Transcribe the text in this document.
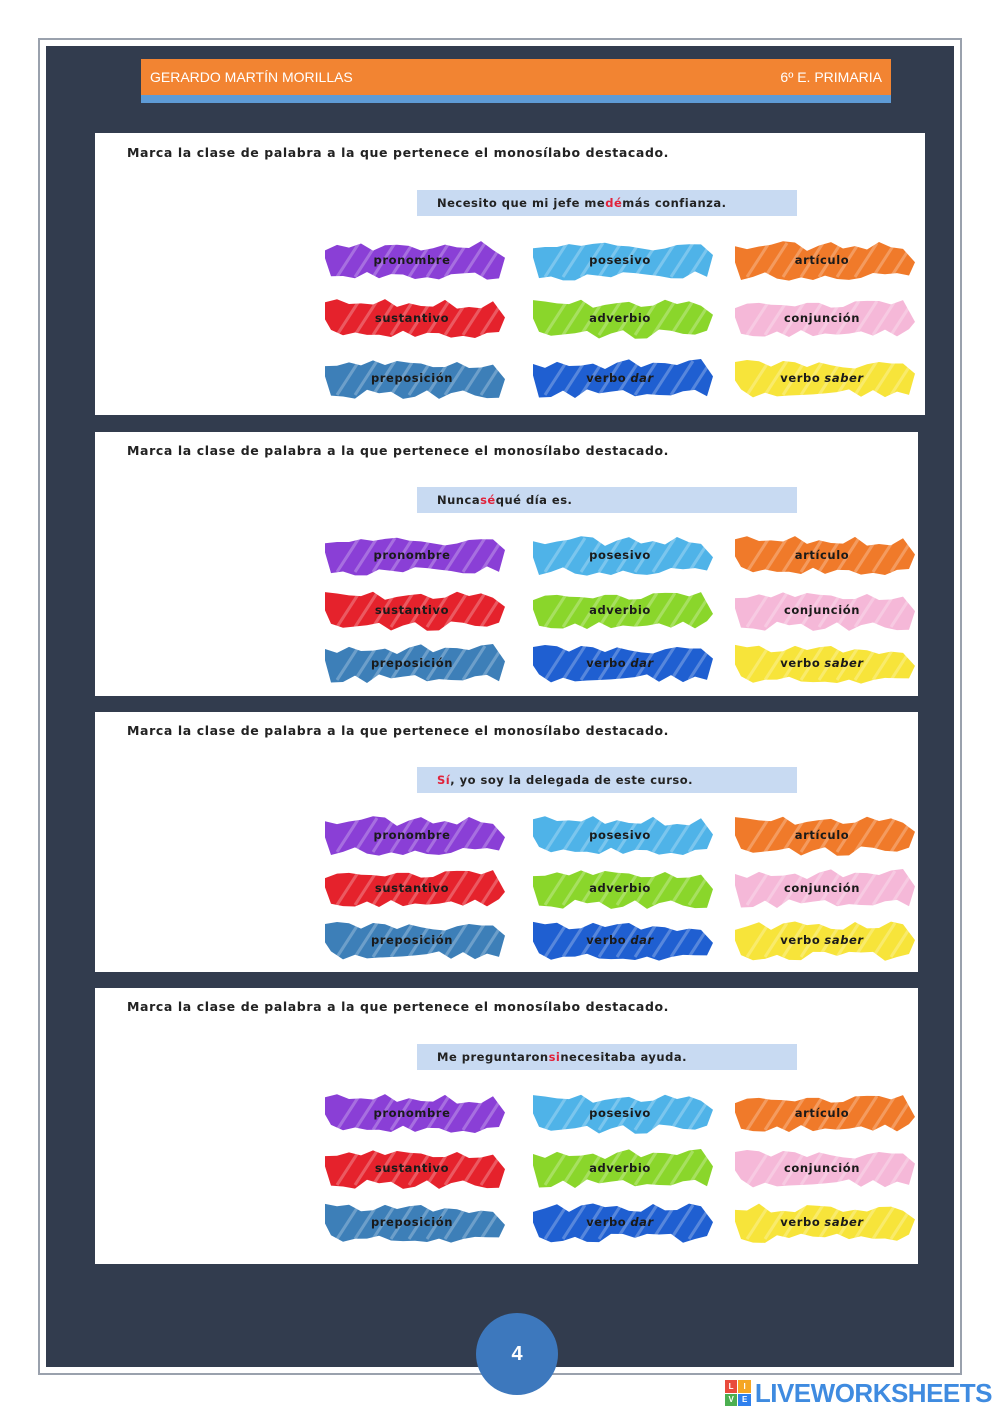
GERARDO MARTÍN MORILLAS	6º E. PRIMARIA
Marca la clase de palabra a la que pertenece el monosílabo destacado.
Necesito que mi jefe me dé más confianza.
pronombre	posesivo	artículo
sustantivo	adverbio	conjunción
preposición	verbo dar	verbo saber
Marca la clase de palabra a la que pertenece el monosílabo destacado.
Nunca sé qué día es.
pronombre	posesivo	artículo
sustantivo	adverbio	conjunción
preposición	verbo dar	verbo saber
Marca la clase de palabra a la que pertenece el monosílabo destacado.
Sí , yo soy la delegada de este curso.
pronombre	posesivo	artículo
sustantivo	adverbio	conjunción
preposición	verbo dar	verbo saber
Marca la clase de palabra a la que pertenece el monosílabo destacado.
Me preguntaron si necesitaba ayuda.
pronombre	posesivo	artículo
sustantivo	adverbio	conjunción
preposición	verbo dar	verbo saber
4
L	I
V	E LIVEWORKSHEETS
